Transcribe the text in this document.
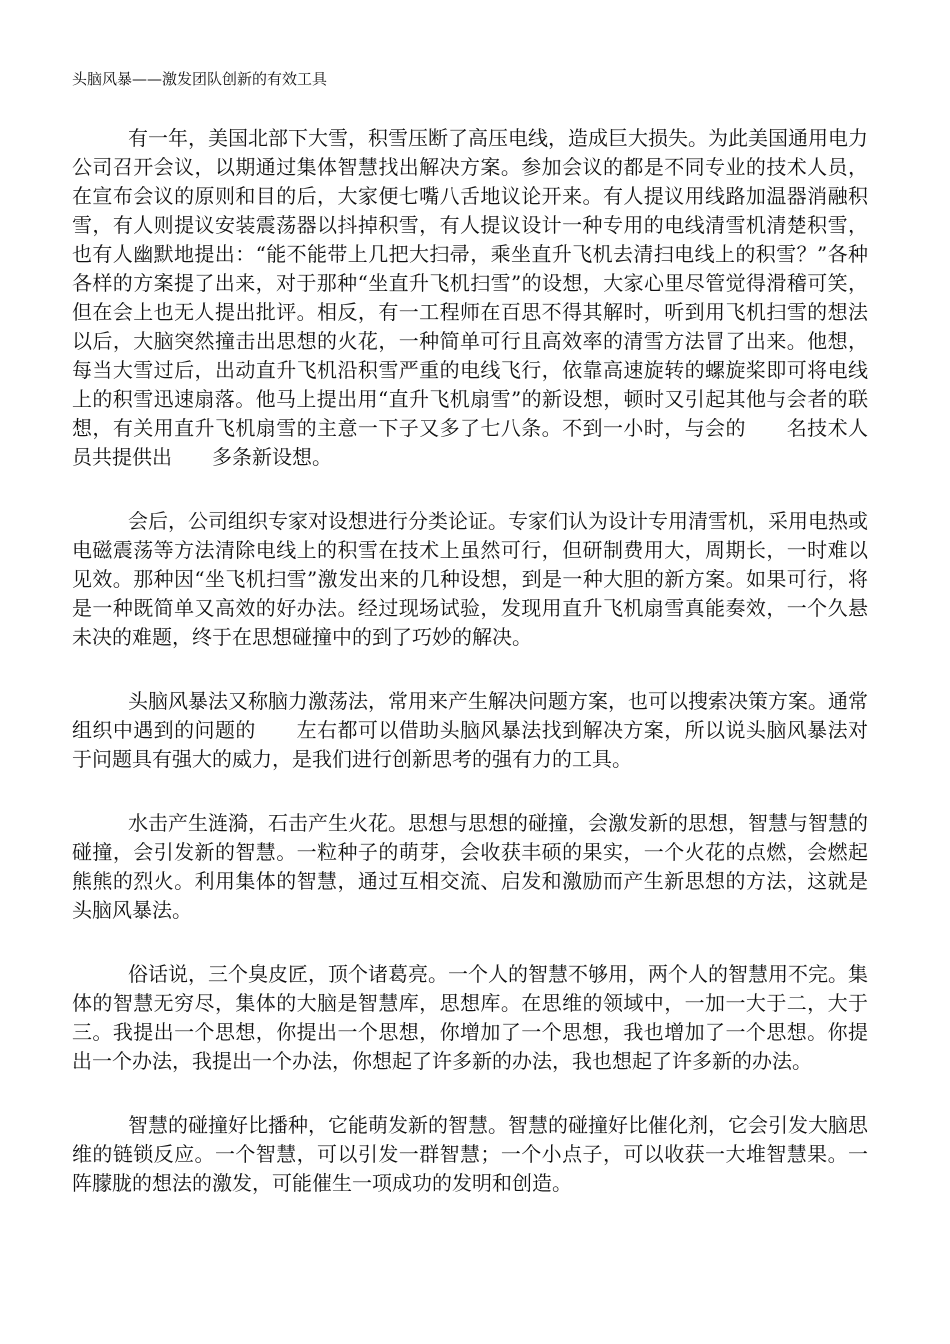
头脑风暴——激发团队创新的有效工具

有一年，美国北部下大雪，积雪压断了高压电线，造成巨大损失。为此美国通用电力公司召开会议，以期通过集体智慧找出解决方案。参加会议的都是不同专业的技术人员，在宣布会议的原则和目的后，大家便七嘴八舌地议论开来。有人提议用线路加温器消融积雪，有人则提议安装震荡器以抖掉积雪，有人提议设计一种专用的电线清雪机清楚积雪，也有人幽默地提出：“能不能带上几把大扫帚，乘坐直升飞机去清扫电线上的积雪？”各种各样的方案提了出来，对于那种“坐直升飞机扫雪”的设想，大家心里尽管觉得滑稽可笑，但在会上也无人提出批评。相反，有一工程师在百思不得其解时，听到用飞机扫雪的想法以后，大脑突然撞击出思想的火花，一种简单可行且高效率的清雪方法冒了出来。他想，每当大雪过后，出动直升飞机沿积雪严重的电线飞行，依靠高速旋转的螺旋桨即可将电线上的积雪迅速扇落。他马上提出用“直升飞机扇雪”的新设想，顿时又引起其他与会者的联想，有关用直升飞机扇雪的主意一下子又多了七八条。不到一小时，与会的　　名技术人员共提供出　　多条新设想。

会后，公司组织专家对设想进行分类论证。专家们认为设计专用清雪机，采用电热或电磁震荡等方法清除电线上的积雪在技术上虽然可行，但研制费用大，周期长，一时难以见效。那种因“坐飞机扫雪”激发出来的几种设想，到是一种大胆的新方案。如果可行，将是一种既简单又高效的好办法。经过现场试验，发现用直升飞机扇雪真能奏效，一个久悬未决的难题，终于在思想碰撞中的到了巧妙的解决。

头脑风暴法又称脑力激荡法，常用来产生解决问题方案，也可以搜索决策方案。通常组织中遇到的问题的　　左右都可以借助头脑风暴法找到解决方案，所以说头脑风暴法对于问题具有强大的威力，是我们进行创新思考的强有力的工具。

水击产生涟漪，石击产生火花。思想与思想的碰撞，会激发新的思想，智慧与智慧的碰撞，会引发新的智慧。一粒种子的萌芽，会收获丰硕的果实，一个火花的点燃，会燃起熊熊的烈火。利用集体的智慧，通过互相交流、启发和激励而产生新思想的方法，这就是头脑风暴法。

俗话说，三个臭皮匠，顶个诸葛亮。一个人的智慧不够用，两个人的智慧用不完。集体的智慧无穷尽，集体的大脑是智慧库，思想库。在思维的领域中，一加一大于二，大于三。我提出一个思想，你提出一个思想，你增加了一个思想，我也增加了一个思想。你提出一个办法，我提出一个办法，你想起了许多新的办法，我也想起了许多新的办法。

智慧的碰撞好比播种，它能萌发新的智慧。智慧的碰撞好比催化剂，它会引发大脑思维的链锁反应。一个智慧，可以引发一群智慧；一个小点子，可以收获一大堆智慧果。一阵朦胧的想法的激发，可能催生一项成功的发明和创造。
